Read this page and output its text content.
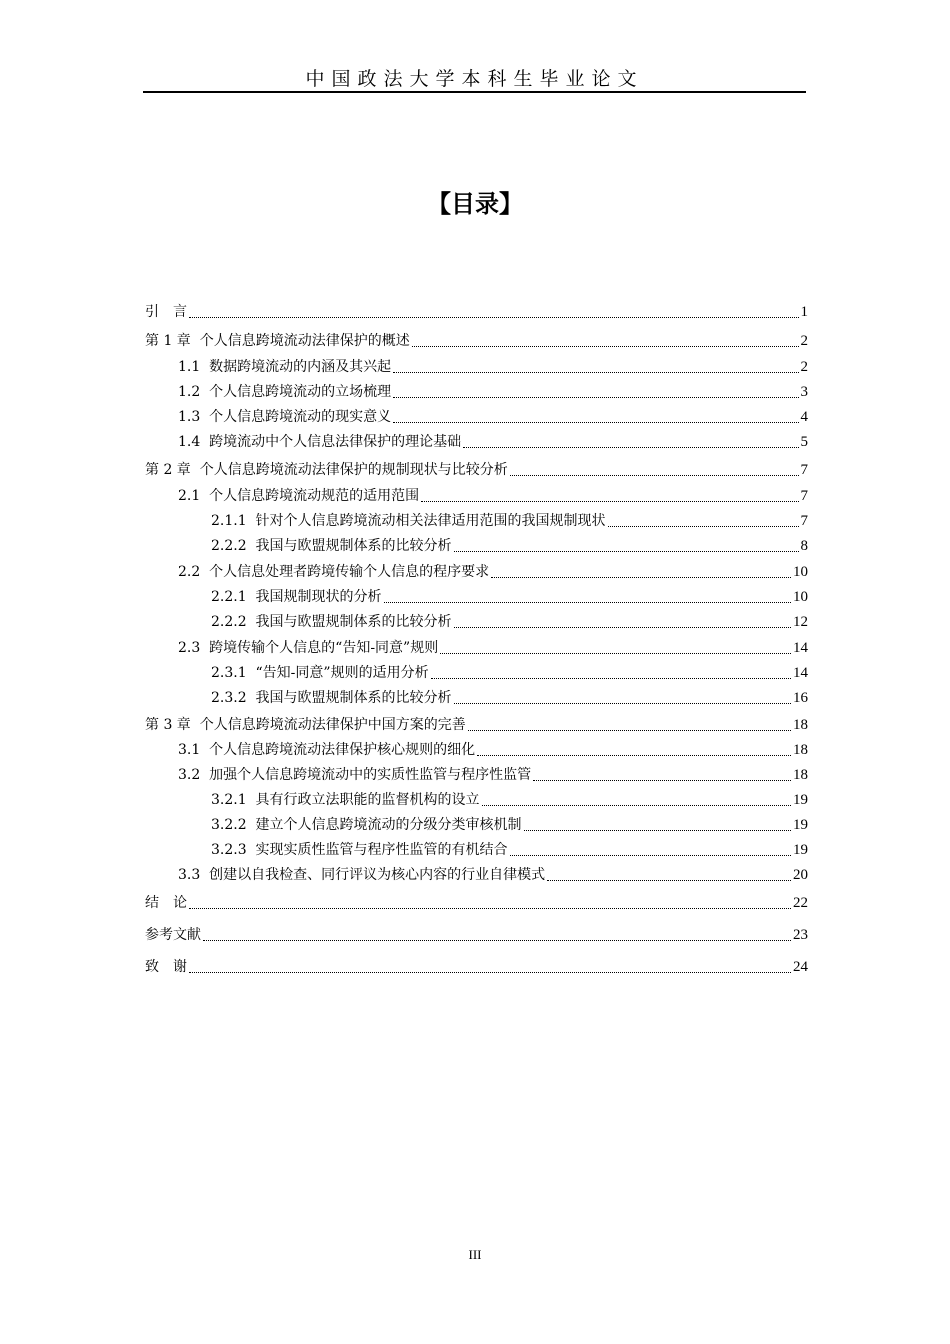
中国政法大学本科生毕业论文
【目录】
引　言	1
第 1 章  个人信息跨境流动法律保护的概述	2
1.1  数据跨境流动的内涵及其兴起	2
1.2  个人信息跨境流动的立场梳理	3
1.3  个人信息跨境流动的现实意义	4
1.4  跨境流动中个人信息法律保护的理论基础	5
第 2 章  个人信息跨境流动法律保护的规制现状与比较分析	7
2.1  个人信息跨境流动规范的适用范围	7
2.1.1  针对个人信息跨境流动相关法律适用范围的我国规制现状	7
2.2.2  我国与欧盟规制体系的比较分析	8
2.2  个人信息处理者跨境传输个人信息的程序要求	10
2.2.1  我国规制现状的分析	10
2.2.2  我国与欧盟规制体系的比较分析	12
2.3  跨境传输个人信息的“告知-同意”规则	14
2.3.1  “告知-同意”规则的适用分析	14
2.3.2  我国与欧盟规制体系的比较分析	16
第 3 章  个人信息跨境流动法律保护中国方案的完善	18
3.1  个人信息跨境流动法律保护核心规则的细化	18
3.2  加强个人信息跨境流动中的实质性监管与程序性监管	18
3.2.1  具有行政立法职能的监督机构的设立	19
3.2.2  建立个人信息跨境流动的分级分类审核机制	19
3.2.3  实现实质性监管与程序性监管的有机结合	19
3.3  创建以自我检查、同行评议为核心内容的行业自律模式	20
结　论	22
参考文献	23
致　谢	24
III
